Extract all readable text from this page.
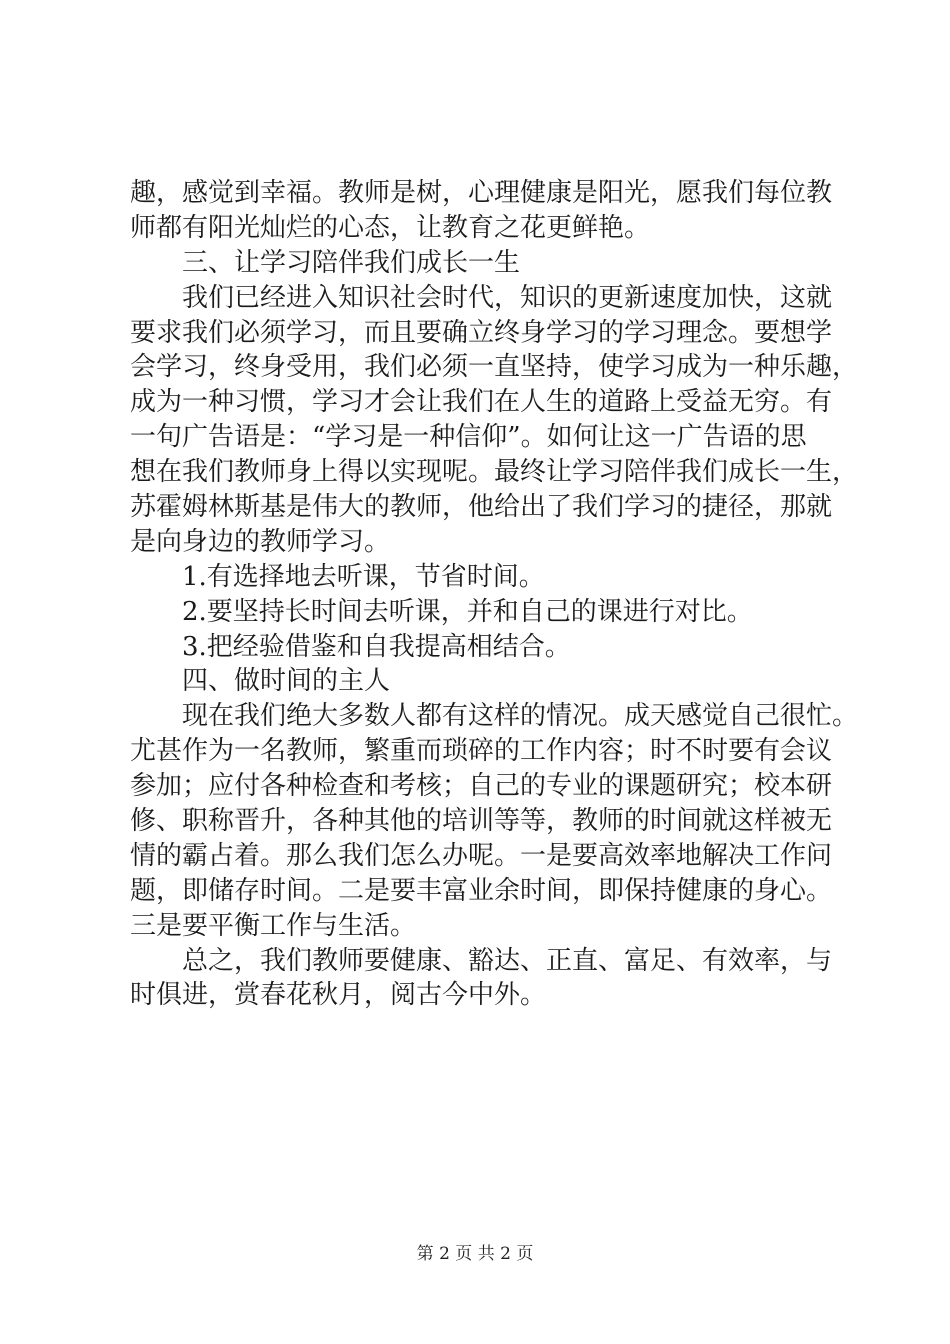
趣，感觉到幸福。教师是树，心理健康是阳光，愿我们每位教
师都有阳光灿烂的心态，让教育之花更鲜艳。
三、让学习陪伴我们成长一生
我们已经进入知识社会时代，知识的更新速度加快，这就
要求我们必须学习，而且要确立终身学习的学习理念。要想学
会学习，终身受用，我们必须一直坚持，使学习成为一种乐趣，
成为一种习惯，学习才会让我们在人生的道路上受益无穷。有
一句广告语是：“学习是一种信仰”。如何让这一广告语的思
想在我们教师身上得以实现呢。最终让学习陪伴我们成长一生，
苏霍姆林斯基是伟大的教师，他给出了我们学习的捷径，那就
是向身边的教师学习。
1.有选择地去听课，节省时间。
2.要坚持长时间去听课，并和自己的课进行对比。
3.把经验借鉴和自我提高相结合。
四、做时间的主人
现在我们绝大多数人都有这样的情况。成天感觉自己很忙。
尤甚作为一名教师，繁重而琐碎的工作内容；时不时要有会议
参加；应付各种检查和考核；自己的专业的课题研究；校本研
修、职称晋升，各种其他的培训等等，教师的时间就这样被无
情的霸占着。那么我们怎么办呢。一是要高效率地解决工作问
题，即储存时间。二是要丰富业余时间，即保持健康的身心。
三是要平衡工作与生活。
总之，我们教师要健康、豁达、正直、富足、有效率，与
时俱进，赏春花秋月，阅古今中外。
第 2 页 共 2 页
